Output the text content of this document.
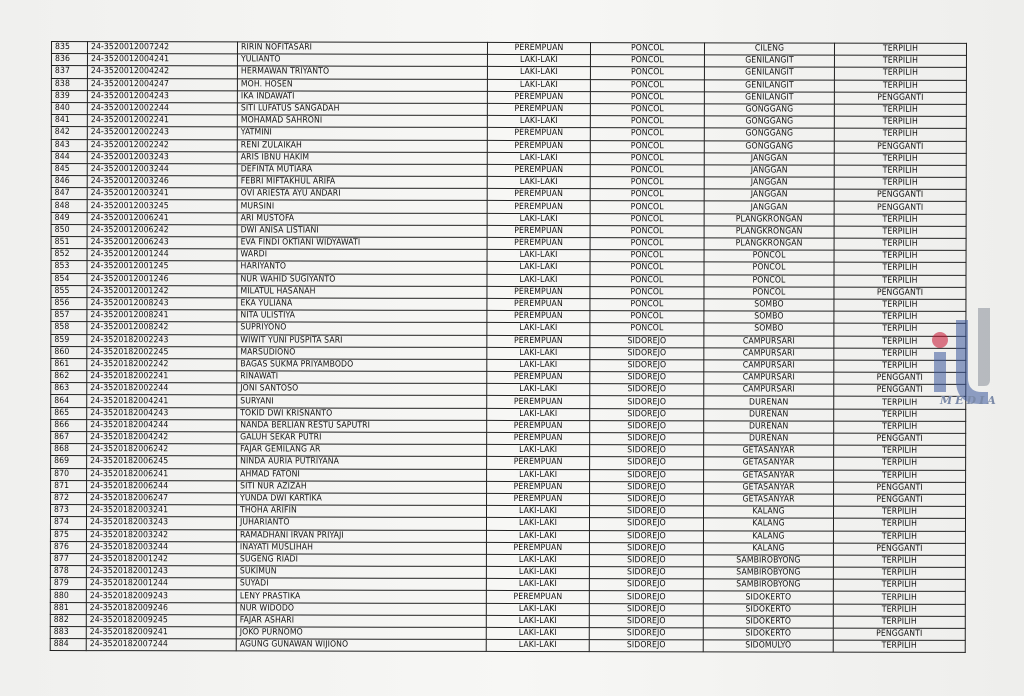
835	24-3520012007242	RIRIN NOFITASARI	PEREMPUAN	PONCOL	CILENG	TERPILIH
836	24-3520012004241	YULIANTO	LAKI-LAKI	PONCOL	GENILANGIT	TERPILIH
837	24-3520012004242	HERMAWAN TRIYANTO	LAKI-LAKI	PONCOL	GENILANGIT	TERPILIH
838	24-3520012004247	MOH. HOSEN	LAKI-LAKI	PONCOL	GENILANGIT	TERPILIH
839	24-3520012004243	IKA INDAWATI	PEREMPUAN	PONCOL	GENILANGIT	PENGGANTI
840	24-3520012002244	SITI LUFATUS SANGADAH	PEREMPUAN	PONCOL	GONGGANG	TERPILIH
841	24-3520012002241	MOHAMAD SAHRONI	LAKI-LAKI	PONCOL	GONGGANG	TERPILIH
842	24-3520012002243	YATMINI	PEREMPUAN	PONCOL	GONGGANG	TERPILIH
843	24-3520012002242	RENI ZULAIKAH	PEREMPUAN	PONCOL	GONGGANG	PENGGANTI
844	24-3520012003243	ARIS IBNU HAKIM	LAKI-LAKI	PONCOL	JANGGAN	TERPILIH
845	24-3520012003244	DEFINTA MUTIARA	PEREMPUAN	PONCOL	JANGGAN	TERPILIH
846	24-3520012003246	FEBRI MIFTAKHUL ARIFA	LAKI-LAKI	PONCOL	JANGGAN	TERPILIH
847	24-3520012003241	OVI ARIESTA AYU ANDARI	PEREMPUAN	PONCOL	JANGGAN	PENGGANTI
848	24-3520012003245	MURSINI	PEREMPUAN	PONCOL	JANGGAN	PENGGANTI
849	24-3520012006241	ARI MUSTOFA	LAKI-LAKI	PONCOL	PLANGKRONGAN	TERPILIH
850	24-3520012006242	DWI ANISA LISTIANI	PEREMPUAN	PONCOL	PLANGKRONGAN	TERPILIH
851	24-3520012006243	EVA FINDI OKTIANI WIDYAWATI	PEREMPUAN	PONCOL	PLANGKRONGAN	TERPILIH
852	24-3520012001244	WARDI	LAKI-LAKI	PONCOL	PONCOL	TERPILIH
853	24-3520012001245	HARIYANTO	LAKI-LAKI	PONCOL	PONCOL	TERPILIH
854	24-3520012001246	NUR WAHID SUGIYANTO	LAKI-LAKI	PONCOL	PONCOL	TERPILIH
855	24-3520012001242	MILATUL HASANAH	PEREMPUAN	PONCOL	PONCOL	PENGGANTI
856	24-3520012008243	EKA YULIANA	PEREMPUAN	PONCOL	SOMBO	TERPILIH
857	24-3520012008241	NITA ULISTIYA	PEREMPUAN	PONCOL	SOMBO	TERPILIH
858	24-3520012008242	SUPRIYONO	LAKI-LAKI	PONCOL	SOMBO	TERPILIH
859	24-3520182002243	WIWIT YUNI PUSPITA SARI	PEREMPUAN	SIDOREJO	CAMPURSARI	TERPILIH
860	24-3520182002245	MARSUDIONO	LAKI-LAKI	SIDOREJO	CAMPURSARI	TERPILIH
861	24-3520182002242	BAGAS SUKMA PRIYAMBODO	LAKI-LAKI	SIDOREJO	CAMPURSARI	TERPILIH
862	24-3520182002241	RINAWATI	PEREMPUAN	SIDOREJO	CAMPURSARI	PENGGANTI
863	24-3520182002244	JONI SANTOSO	LAKI-LAKI	SIDOREJO	CAMPURSARI	PENGGANTI
864	24-3520182004241	SURYANI	PEREMPUAN	SIDOREJO	DURENAN	TERPILIH
865	24-3520182004243	TOKID DWI KRISNANTO	LAKI-LAKI	SIDOREJO	DURENAN	TERPILIH
866	24-3520182004244	NANDA BERLIAN RESTU SAPUTRI	PEREMPUAN	SIDOREJO	DURENAN	TERPILIH
867	24-3520182004242	GALUH SEKAR PUTRI	PEREMPUAN	SIDOREJO	DURENAN	PENGGANTI
868	24-3520182006242	FAJAR GEMILANG AR	LAKI-LAKI	SIDOREJO	GETASANYAR	TERPILIH
869	24-3520182006245	NINDA AURIA PUTRIYANA	PEREMPUAN	SIDOREJO	GETASANYAR	TERPILIH
870	24-3520182006241	AHMAD FATONI	LAKI-LAKI	SIDOREJO	GETASANYAR	TERPILIH
871	24-3520182006244	SITI NUR AZIZAH	PEREMPUAN	SIDOREJO	GETASANYAR	PENGGANTI
872	24-3520182006247	YUNDA DWI KARTIKA	PEREMPUAN	SIDOREJO	GETASANYAR	PENGGANTI
873	24-3520182003241	THOHA ARIFIN	LAKI-LAKI	SIDOREJO	KALANG	TERPILIH
874	24-3520182003243	JUHARIANTO	LAKI-LAKI	SIDOREJO	KALANG	TERPILIH
875	24-3520182003242	RAMADHANI IRVAN PRIYAJI	LAKI-LAKI	SIDOREJO	KALANG	TERPILIH
876	24-3520182003244	INAYATI MUSLIHAH	PEREMPUAN	SIDOREJO	KALANG	PENGGANTI
877	24-3520182001242	SUGENG RIADI	LAKI-LAKI	SIDOREJO	SAMBIROBYONG	TERPILIH
878	24-3520182001243	SUKIMUN	LAKI-LAKI	SIDOREJO	SAMBIROBYONG	TERPILIH
879	24-3520182001244	SUYADI	LAKI-LAKI	SIDOREJO	SAMBIROBYONG	TERPILIH
880	24-3520182009243	LENY PRASTIKA	PEREMPUAN	SIDOREJO	SIDOKERTO	TERPILIH
881	24-3520182009246	NUR WIDODO	LAKI-LAKI	SIDOREJO	SIDOKERTO	TERPILIH
882	24-3520182009245	FAJAR ASHARI	LAKI-LAKI	SIDOREJO	SIDOKERTO	TERPILIH
883	24-3520182009241	JOKO PURNOMO	LAKI-LAKI	SIDOREJO	SIDOKERTO	PENGGANTI
884	24-3520182007244	AGUNG GUNAWAN WIJIONO	LAKI-LAKI	SIDOREJO	SIDOMULYO	TERPILIH
MEDIA
